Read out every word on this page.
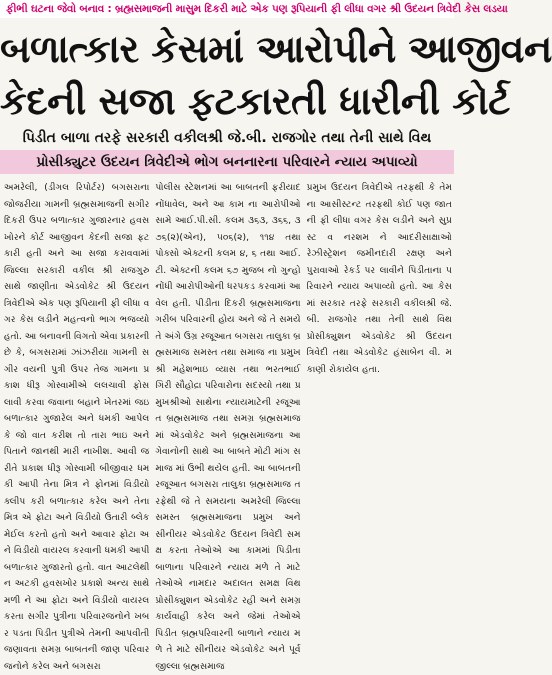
ફીભી ઘટના જેવો બનાવ : બ્રહ્મસમાજની માસુમ દિકરી માટે એક પણ રૂપિયાની ફી લીધા વગર શ્રી ઉદયન ત્રિવેદી કેસ લડયા
બળાત્કાર કેસમાં આરોપીને આજીવન
કેદની સજા ફટકારતી ધારીની કોર્ટ
પિડીત બાળા તરફે સરકારી વકીલશ્રી જે.બી. રાજગોર તથા તેની સાથે વિથ
પ્રોસીક્યુટર ઉદયન ત્રિવેદીએ ભોગ બનનારના પરિવારને ન્યાય અપાવ્યો

અમરેલી, (ડીગલ રિપોર્ટર) બગસરાના જોજરીયા ગામની બ્રહ્મસમાજની સગીર દિકરી ઉપર બળાત્કાર ગુજારનાર હવસખોરને કોર્ટ આજીવન કેદની સજા ફટકારી હતી અને આ સજા કરાવવામાં જિલ્લા સરકારી વકીલ શ્રી રાજગુરુ સાથે જાણીતા એડવોકેટ શ્રી ઉદયન ત્રિવેદીએ એક પણ રૂપિયાની ફી લીધા વગર કેસ લડીને મહત્વનો ભાગ ભજવ્યો હતો. આ બનાવની વિગતો એવા પ્રકારની છે કે, બગસરામાં ઝાંઝરીયા ગામની સગીર વયની પુત્રી ઉપર તેજ ગામના પ્રકાશ ધીરૂ ગોસ્વામીએ લલચાવી ફોસલાવી કરવા જવાના બહાને ખેતરમાં જઇ બળાત્કાર ગુજારેલ અને ધમકી આપેલ કે જો વાત કરીશ તો તારા ભાઇ અને પિતાને જાનથી મારી નાખીશ. આવી જ રીતે પ્રકાશ ધીરૂ ગોસ્વામી બીજીવાર ધમકી આપી તેના મિત્ર ને ફોનમાં વિડીયો ક્લીપ કરી બળાત્કાર કરેલ અને તેના મિત્ર એ ફોટા અને વિડીયો ઉતારી બ્લેકમેઈલ કરતો હતો અને આવાર ફોટા અને વિડીયો વાયરલ કરવાની ધમકી આપી બળાત્કાર ગુજારતો હતો. વાત આટલેથી ન અટકી હવસખોર પ્રકાશે અન્ય સાથે મળી ને આ ફોટા અને વિડીયો વાયરલ કરતા સગીર પુત્રીના પરિવારજનોને ખબર પડતા પિડીત પુત્રીએ તેમની આપવીતી જણાવતા સમગ્ર બાબતની જાણ પરિવારજનોને કરેલ અને બગસરા

પોલીસ સ્ટેશનમાં આ બાબતની ફરીયાદ નોંધાવેલ, અને આ કામ ના આરોપીઓ સામે આઈ.પી.સી. કલમ ૩૬૩, ૩૬૬, ૩૭૬(૨)(એન), ૫૦૬(૨), ૧૧૪ તથા પોક્સો એક્ટની કલમ ૪, ૬ તથા આઈ.ટી. એક્ટની કલમ ૬૭ મુજબ નો ગુન્હો નોંધી આરોપીઓની ધરપકડ કરવામાં આવેલ હતી. પીડીતા દિકરી બ્રહ્મસમાજના ગરીબ પરિવારની હોય અને જે તે સમયે તે અંગે ઉગ્ર રજૂઆત બગસરા તાલુકા બ્રહ્મસમાજ સમસ્ત તથા સમાજ ના પ્રમુખ શ્રી મહેશભાઇ વ્યાસ તથા ભરતભાઈ ગિરી સૌહોદ્રા પરિવારોના સદસ્યો તથા પ્રમુખશ્રીઓ સાથેના ન્યાયમાટેની રજૂઆત બ્રહ્મસમાજ તથા સમગ્ર બ્રહ્મસમાજમાં એડવોકેટ અને બ્રહ્મસમાજના આગેવાનોની સાથે આ બાબતે મોટી માંગ સમાજ માં ઉભી થયેલ હતી. આ બાબતની રજૂઆત બગસરા તાલુકા બ્રહ્મસમાજ તરફેથી જે તે સમયના અમરેલી જિલ્લા સમસ્ત બ્રહ્મસમાજના પ્રમુખ અને સીનીયર એડવોકેટ ઉદયન ત્રિવેદી સમક્ષ કરતા તેઓએ આ કામમાં પિડીતા બાળાના પરિવારને ન્યાય મળે તે માટે તેઓએ નામદાર અદાલત સમક્ષ વિથ પ્રોસીક્યુશન એડવોકેટ રહી અને સમગ્ર કાર્યવાહી કરેલ અને જેમાં તેઓએ પિડીત બ્રહ્મપરિવારની બાળાને ન્યાય મળે તે માટે સીનીયર એડવોકેટ અને પૂર્વ જીલ્લા બ્રહ્મસમાજ

પ્રમુખ ઉદયન ત્રિવેદીએ તરફથી કે તેમના આસીસ્ટન્ટ તરફથી કોઈ પણ જાતની ફી લીધા વગર કેસ લડીને અને સુપ્રસ્ટ વ નરશમ ને આદરીસાક્ષાઓ રેઝીસ્ટ્રેશન જમીનદારી રક્ષણ અને પુરાવાઓ રેકર્ડ પર લાવીને પિડીતાના પરિવારને ન્યાય અપાવ્યો હતો. આ કેસમાં સરકાર તરફે સરકારી વકીલશ્રી જે.બી. રાજગોર તથા તેની સાથે વિથ પ્રોસીક્યુશન એડવોકેટ શ્રી ઉદયન ત્રિવેદી તથા એડવોકેટ હંસાબેન વી. મકાણી રોકાયેલ હતા.
